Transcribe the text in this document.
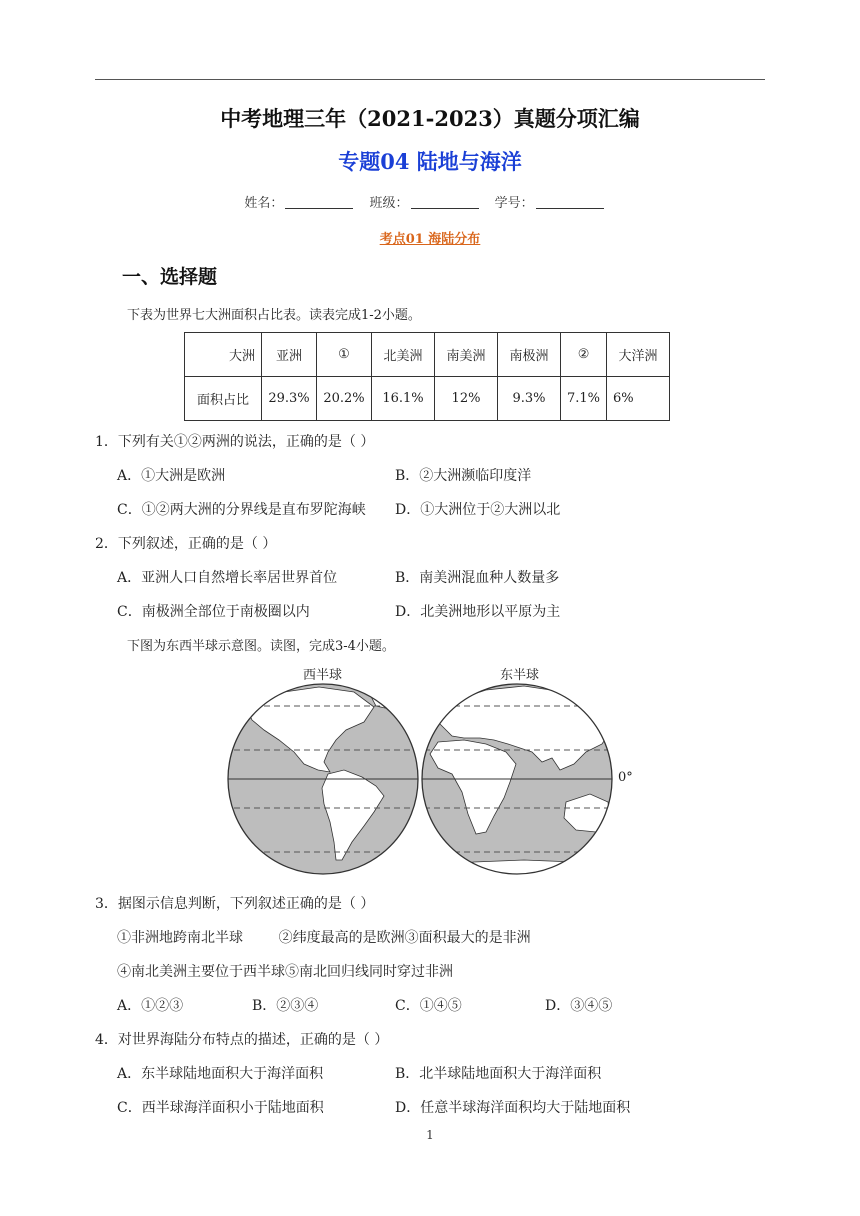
中考地理三年（2021-2023）真题分项汇编
专题04 陆地与海洋
姓名：	班级：	学号：
考点01 海陆分布
一、选择题
下表为世界七大洲面积占比表。读表完成1-2小题。
大洲	亚洲	①	北美洲	南美洲	南极洲	②	大洋洲
面积占比	29.3%	20.2%	16.1%	12%	9.3%	7.1%	6%
1．下列有关①②两洲的说法，正确的是（ ）
A．①大洲是欧洲	B．②大洲濒临印度洋
C．①②两大洲的分界线是直布罗陀海峡 D．①大洲位于②大洲以北
2．下列叙述，正确的是（ ）
A．亚洲人口自然增长率居世界首位	B．南美洲混血种人数量多
C．南极洲全部位于南极圈以内	D．北美洲地形以平原为主
下图为东西半球示意图。读图，完成3-4小题。
西半球	东半球
0°
3．据图示信息判断，下列叙述正确的是（ ）
①非洲地跨南北半球        ②纬度最高的是欧洲③面积最大的是非洲
④南北美洲主要位于西半球⑤南北回归线同时穿过非洲
A．①②③	B．②③④	C．①④⑤	D．③④⑤
4．对世界海陆分布特点的描述，正确的是（ ）
A．东半球陆地面积大于海洋面积	B．北半球陆地面积大于海洋面积
C．西半球海洋面积小于陆地面积	D．任意半球海洋面积均大于陆地面积
1
